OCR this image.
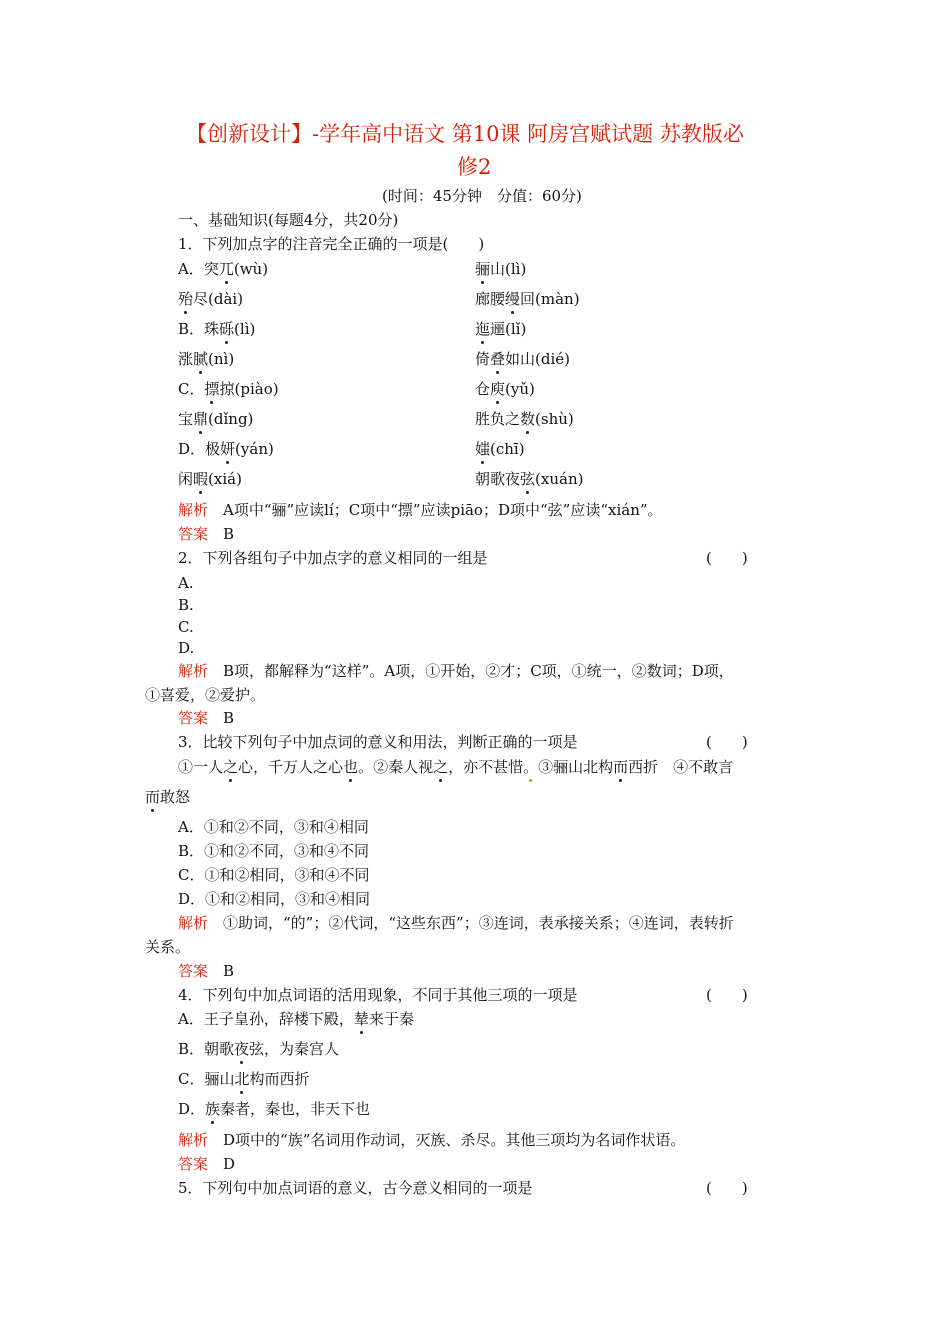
【创新设计】-学年高中语文 第10课 阿房宫赋试题 苏教版必
修2
(时间：45分钟　分值：60分)
一、基础知识(每题4分，共20分)
1．下列加点字的注音完全正确的一项是(　　)
A．突兀(wù)	骊山(lì)
殆尽(dài)	廊腰缦回(màn)
B．珠砾(lì)	迤逦(lǐ)
涨腻(nì)	倚叠如山(dié)
C．摽掠(piào)	仓庾(yǔ)
宝鼎(dǐng)	胜负之数(shù)
D．极妍(yán)	媸(chī)
闲暇(xiá)	朝歌夜弦(xuán)
解析　A项中“骊”应读lí；C项中“摽”应读piāo；D项中“弦”应读“xián”。
答案　B
2．下列各组句子中加点字的意义相同的一组是	(　　)
A.
B.
C.
D.
解析　B项，都解释为“这样”。A项，①开始，②才；C项，①统一，②数词；D项，
①喜爱，②爱护。
答案　B
3．比较下列句子中加点词的意义和用法，判断正确的一项是	(　　)
①一人之心，千万人之心也。②秦人视之，亦不甚惜。③骊山北构而西折　④不敢言
而敢怒
A．①和②不同，③和④相同
B．①和②不同，③和④不同
C．①和②相同，③和④不同
D．①和②相同，③和④相同
解析　①助词，“的”；②代词，“这些东西”；③连词，表承接关系；④连词，表转折
关系。
答案　B
4．下列句中加点词语的活用现象，不同于其他三项的一项是	(　　)
A．王子皇孙，辞楼下殿，辇来于秦
B．朝歌夜弦，为秦宫人
C．骊山北构而西折
D．族秦者，秦也，非天下也
解析　D项中的“族”名词用作动词，灭族、杀尽。其他三项均为名词作状语。
答案　D
5．下列句中加点词语的意义，古今意义相同的一项是	(　　)
